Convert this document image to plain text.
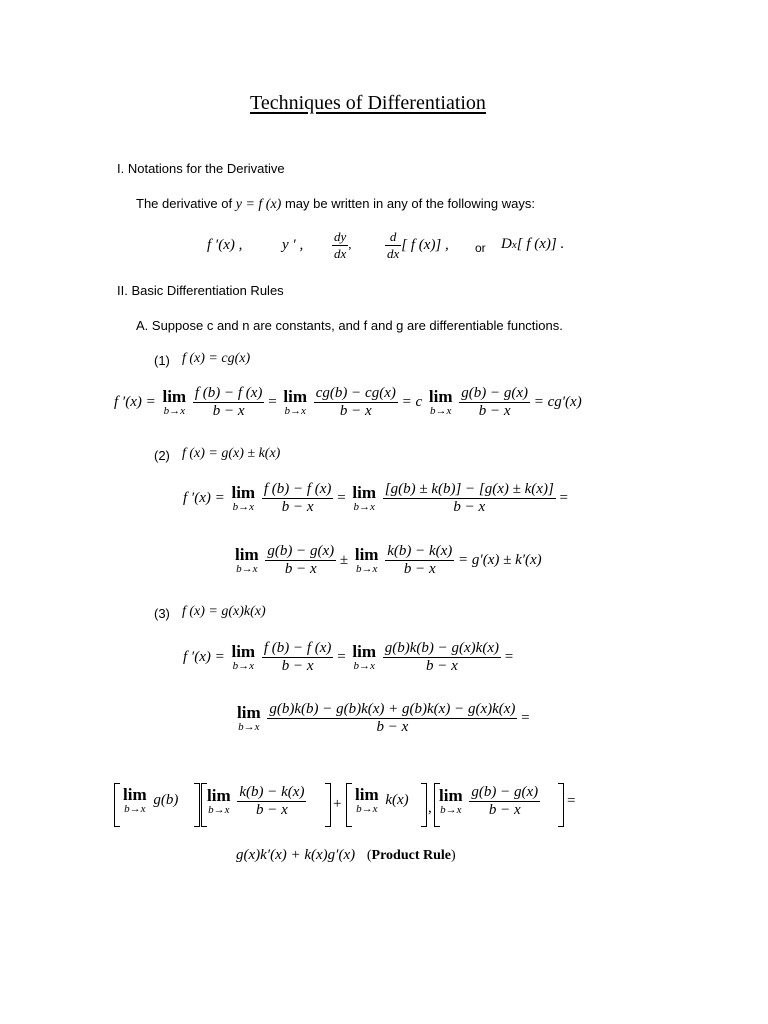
Techniques of Differentiation
I. Notations for the Derivative
The derivative of y = f (x) may be written in any of the following ways:
f ′(x) ,	y ′ , $\frac{dy}{dx}$ ,	$\frac{d}{dx}$ [ f (x)] , or Dx[ f (x)] .
II. Basic Differentiation Rules
A. Suppose c and n are constants, and f and g are differentiable functions.
(1) f (x) = cg(x)
f ′(x) = lim
b→x
$\frac{f (b) - f (x)}{b - x} = \lim$
b→x
$\frac{cg(b) - cg(x)}{b - x} = c$ lim
b→x
$\frac{g(b) - g(x)}{b - x} = cg'(x)$
(2) f (x) = g(x) ± k(x)
f ′(x) = lim
b→x
$\frac{f (b) - f (x)}{b - x} = \lim$
b→x
$\frac{[g(b) \pm k(b)] - [g(x) \pm k(x)]}{b - x}$ =
lim
b→x
$\frac{g(b) - g(x)}{b - x} \pm \lim$
b→x
$\frac{k(b) - k(x)}{b - x} = g'(x) \pm k'(x)$
(3) f (x) = g(x)k(x)
f ′(x) = lim
b→x
$\frac{f (b) - f (x)}{b - x} = \lim$
b→x
$\frac{g(b)k(b) - g(x)k(x)}{b - x}$ =
lim
b→x
$\frac{g(b)k(b) - g(b)k(x) + g(b)k(x) - g(x)k(x)}{b - x}$ =
lim
b→x
g(b) lim
b→x
$\frac{k(b) - k(x)}{b - x} + \lim$
b→x
k(x)
,
lim
b→x
$\frac{g(b) - g(x)}{b - x}$ =
g(x)k′(x) + k(x)g′(x) (Product Rule)
